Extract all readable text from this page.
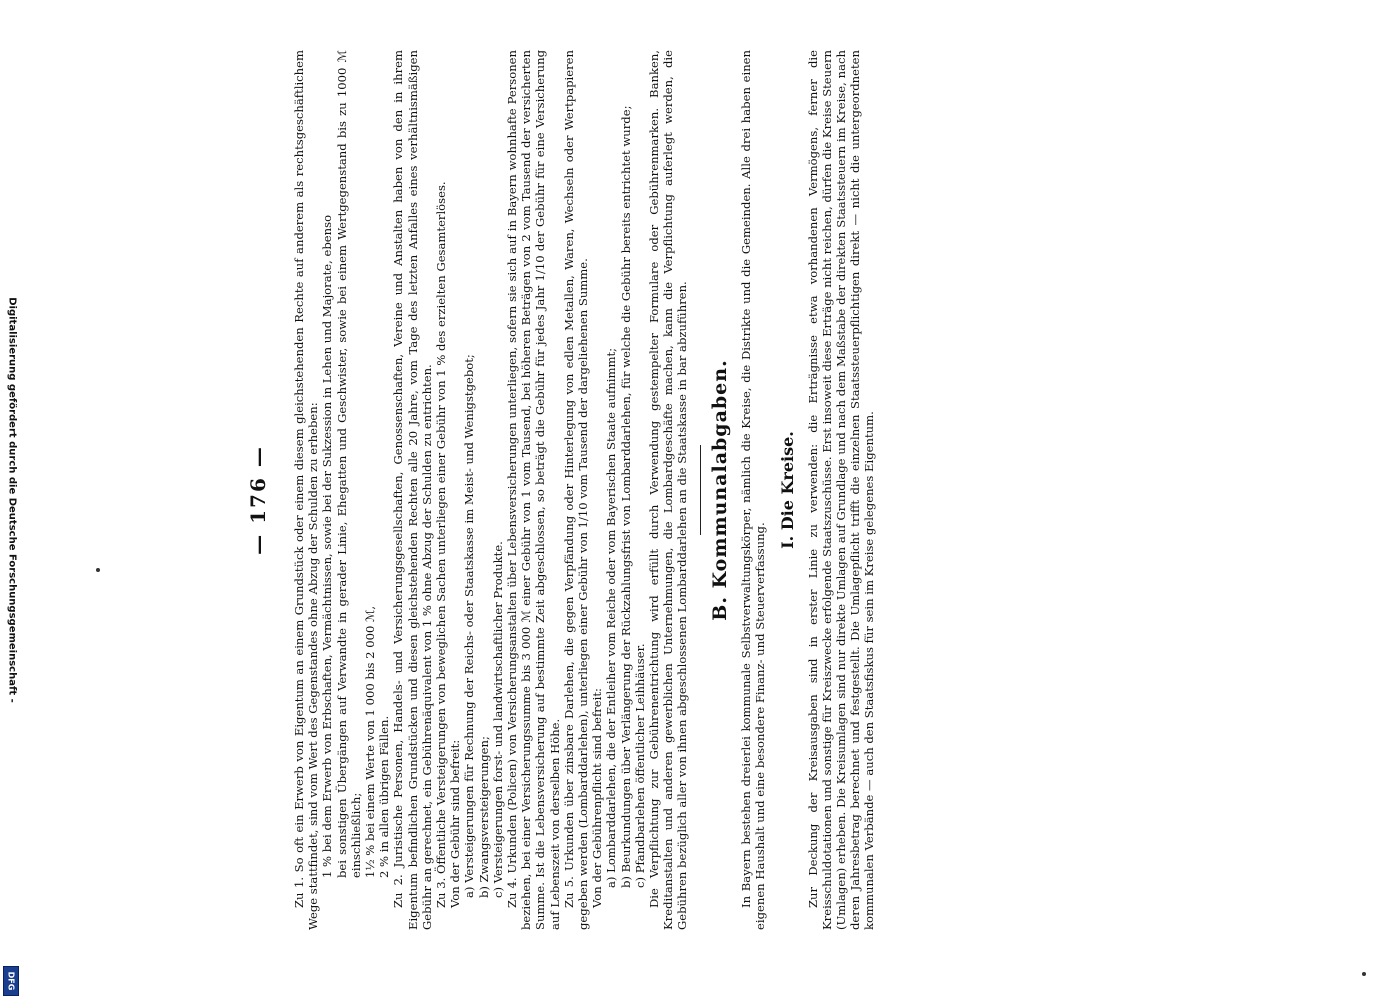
Digitalisierung gefördert durch die Deutsche Forschungsgemeinschaft -
DFG
— 176 — Zu 1. So oft ein Erwerb von Eigentum an einem Grundstück oder einem diesem gleichstehenden Rechte auf anderem als rechtsgeschäftlichem Wege stattfindet, sind vom Wert des Gegenstandes ohne Abzug der Schulden zu erheben: 1 % bei dem Erwerb von Erbschaften, Vermächtnissen, sowie bei der Sukzession in Lehen und Majorate, ebenso bei sonstigen Übergängen auf Verwandte in gerader Linie, Ehegatten und Geschwister, sowie bei einem Wertgegenstand bis zu 1000 ℳ einschließlich; 1½ % bei einem Werte von 1 000 bis 2 000 ℳ, 2 % in allen übrigen Fällen. Zu 2. Juristische Personen, Handels- und Versicherungsgesellschaften, Genossenschaften, Vereine und Anstalten haben von den in ihrem Eigentum befindlichen Grundstücken und diesen gleichstehenden Rechten alle 20 Jahre, vom Tage des letzten Anfalles eines verhältnismäßigen Gebühr an gerechnet, ein Gebührenäquivalent von 1 % ohne Abzug der Schulden zu entrichten. Zu 3. Öffentliche Versteigerungen von beweglichen Sachen unterliegen einer Gebühr von 1 % des erzielten Gesamterlöses. Von der Gebühr sind befreit: a) Versteigerungen für Rechnung der Reichs- oder Staatskasse im Meist- und Wenigstgebot; b) Zwangsversteigerungen; c) Versteigerungen forst- und landwirtschaftlicher Produkte. Zu 4. Urkunden (Policen) von Versicherungsanstalten über Lebensversicherungen unterliegen, sofern sie sich auf in Bayern wohnhafte Personen beziehen, bei einer Versicherungssumme bis 3 000 ℳ einer Gebühr von 1 vom Tausend, bei höheren Beträgen von 2 vom Tausend der versicherten Summe. Ist die Lebensversicherung auf bestimmte Zeit abgeschlossen, so beträgt die Gebühr für jedes Jahr 1/10 der Gebühr für eine Versicherung auf Lebenszeit von derselben Höhe. Zu 5. Urkunden über zinsbare Darlehen, die gegen Verpfändung oder Hinterlegung von edlen Metallen, Waren, Wechseln oder Wertpapieren gegeben werden (Lombarddarlehen), unterliegen einer Gebühr von 1/10 vom Tausend der dargeliehenen Summe. Von der Gebührenpflicht sind befreit: a) Lombarddarlehen, die der Entleiher vom Reiche oder vom Bayerischen Staate aufnimmt; b) Beurkundungen über Verlängerung der Rückzahlungsfrist von Lombarddarlehen, für welche die Gebühr bereits entrichtet wurde; c) Pfandbarlehen öffentlicher Leihhäuser. Die Verpflichtung zur Gebührenentrichtung wird erfüllt durch Verwendung gestempelter Formulare oder Gebührenmarken. Banken, Kreditanstalten und anderen gewerblichen Unternehmungen, die Lombardgeschäfte machen, kann die Verpflichtung auferlegt werden, die Gebühren bezüglich aller von ihnen abgeschlossenen Lombarddarlehen an die Staatskasse in bar abzuführen. B. Kommunalabgaben. In Bayern bestehen dreierlei kommunale Selbstverwaltungskörper, nämlich die Kreise, die Distrikte und die Gemeinden. Alle drei haben einen eigenen Haushalt und eine besondere Finanz- und Steuerverfassung.

I. Die Kreise. Zur Deckung der Kreisausgaben sind in erster Linie zu verwenden: die Erträgnisse etwa vorhandenen Vermögens, ferner die Kreisschuldotationen und sonstige für Kreiszwecke erfolgende Staatszuschüsse. Erst insoweit diese Erträge nicht reichen, dürfen die Kreise Steuern (Umlagen) erheben. Die Kreisumlagen sind nur direkte Umlagen auf Grundlage und nach dem Maßstabe der direkten Staatssteuern im Kreise, nach deren Jahresbetrag berechnet und festgestellt. Die Umlagepflicht trifft die einzelnen Staatssteuerpflichtigen direkt — nicht die untergeordneten kommunalen Verbände — auch den Staatsfiskus für sein im Kreise gelegenes Eigentum.
